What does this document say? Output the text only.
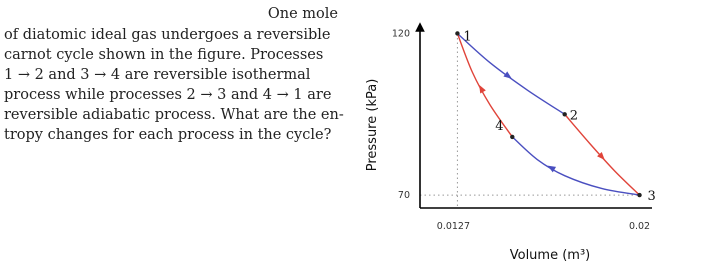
One mole
of diatomic ideal gas undergoes a reversible
carnot cycle shown in the figure. Processes
1 → 2 and 3 → 4 are reversible isothermal
process while processes 2 → 3 and 4 → 1 are
reversible adiabatic process. What are the en-
tropy changes for each process in the cycle?	Pressure (kPa)
Volume (m³)
1
2
3
4
120
70
0.0127	0.02
